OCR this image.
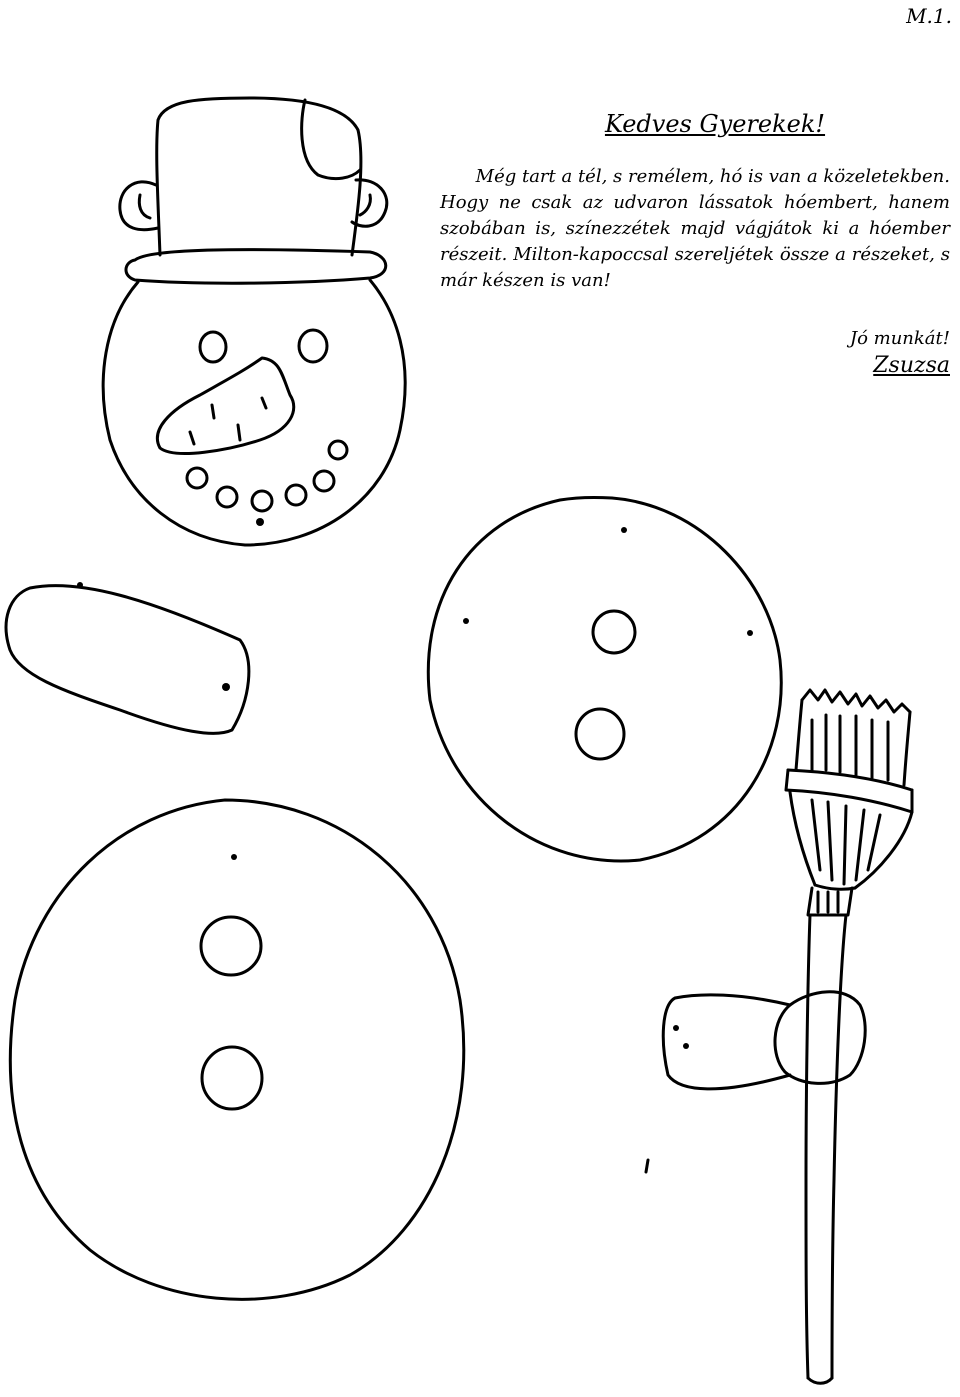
M.1.
Kedves Gyerekek!

Még tart a tél, s remélem, hó is van a közeletekben.
Hogy ne csak az udvaron lássatok hóembert, hanem szobában is, színezzétek majd vágjátok ki a hóember részeit. Milton-kapoccsal szereljétek össze a részeket, s már készen is van!

Jó munkát!
Zsuzsa
